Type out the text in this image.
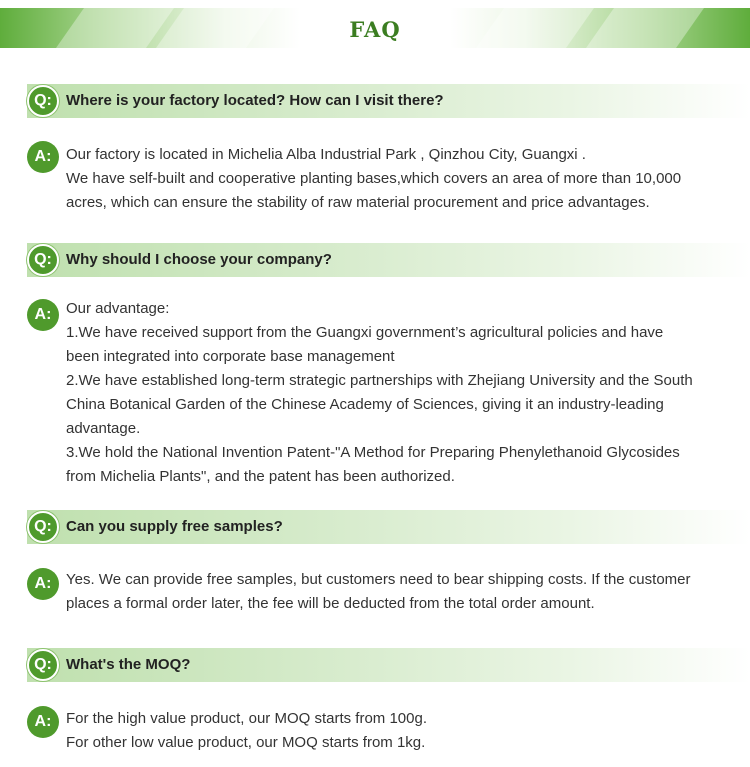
FAQ
Q: Where is your factory located? How can I visit there?
A: Our factory is located in Michelia Alba Industrial Park , Qinzhou City, Guangxi .

We have self-built and cooperative planting bases,which covers an area of more than 10,000

acres, which can ensure the stability of raw material procurement and price advantages.

Q: Why should I choose your company?
A: Our advantage:

1.We have received support from the Guangxi government’s agricultural policies and have

been integrated into corporate base management

2.We have established long-term strategic partnerships with Zhejiang University and the South

China Botanical Garden of the Chinese Academy of Sciences, giving it an industry-leading

advantage.

3.We hold the National Invention Patent-"A Method for Preparing Phenylethanoid Glycosides

from Michelia Plants", and the patent has been authorized.

Q: Can you supply free samples?
A: Yes. We can provide free samples, but customers need to bear shipping costs. If the customer

places a formal order later, the fee will be deducted from the total order amount.

Q: What's the MOQ?
A: For the high value product, our MOQ starts from 100g.

For other low value product, our MOQ starts from 1kg.
